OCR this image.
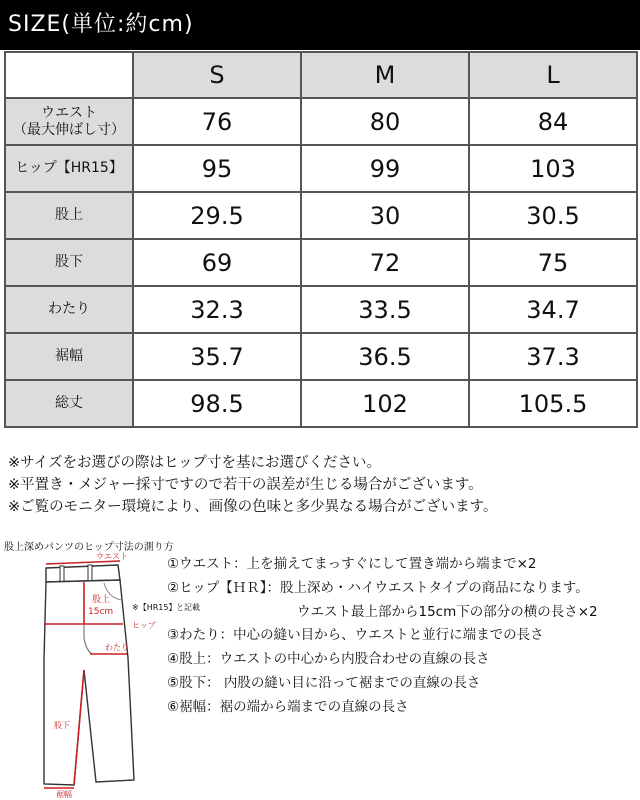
SIZE(単位:約cm)
	S	M	L

ウエスト
（最大伸ばし寸）	76	80	84
ヒップ【HR15】	95	99	103
股上	29.5	30	30.5
股下	69	72	75
わたり	32.3	33.5	34.7
裾幅	35.7	36.5	37.3
総丈	98.5	102	105.5
※サイズをお選びの際はヒップ寸を基にお選びください。
※平置き・メジャー採寸ですので若干の誤差が生じる場合がございます。
※ご覧のモニター環境により、画像の色味と多少異なる場合がございます。
股上深めパンツのヒップ寸法の測り方
ウエスト
股上
15cm
ヒップ
わたり
股下
裾幅
※【HR15】 と記載
①ウエスト：上を揃えてまっすぐにして置き端から端まで×2
②ヒップ【ＨＲ】：股上深め・ハイウエストタイプの商品になります。
ウエスト最上部から15cm下の部分の横の長さ×2
③わたり：中心の縫い目から、ウエストと並行に端までの長さ
④股上：ウエストの中心から内股合わせの直線の長さ
⑤股下： 内股の縫い目に沿って裾までの直線の長さ
⑥裾幅：裾の端から端までの直線の長さ
